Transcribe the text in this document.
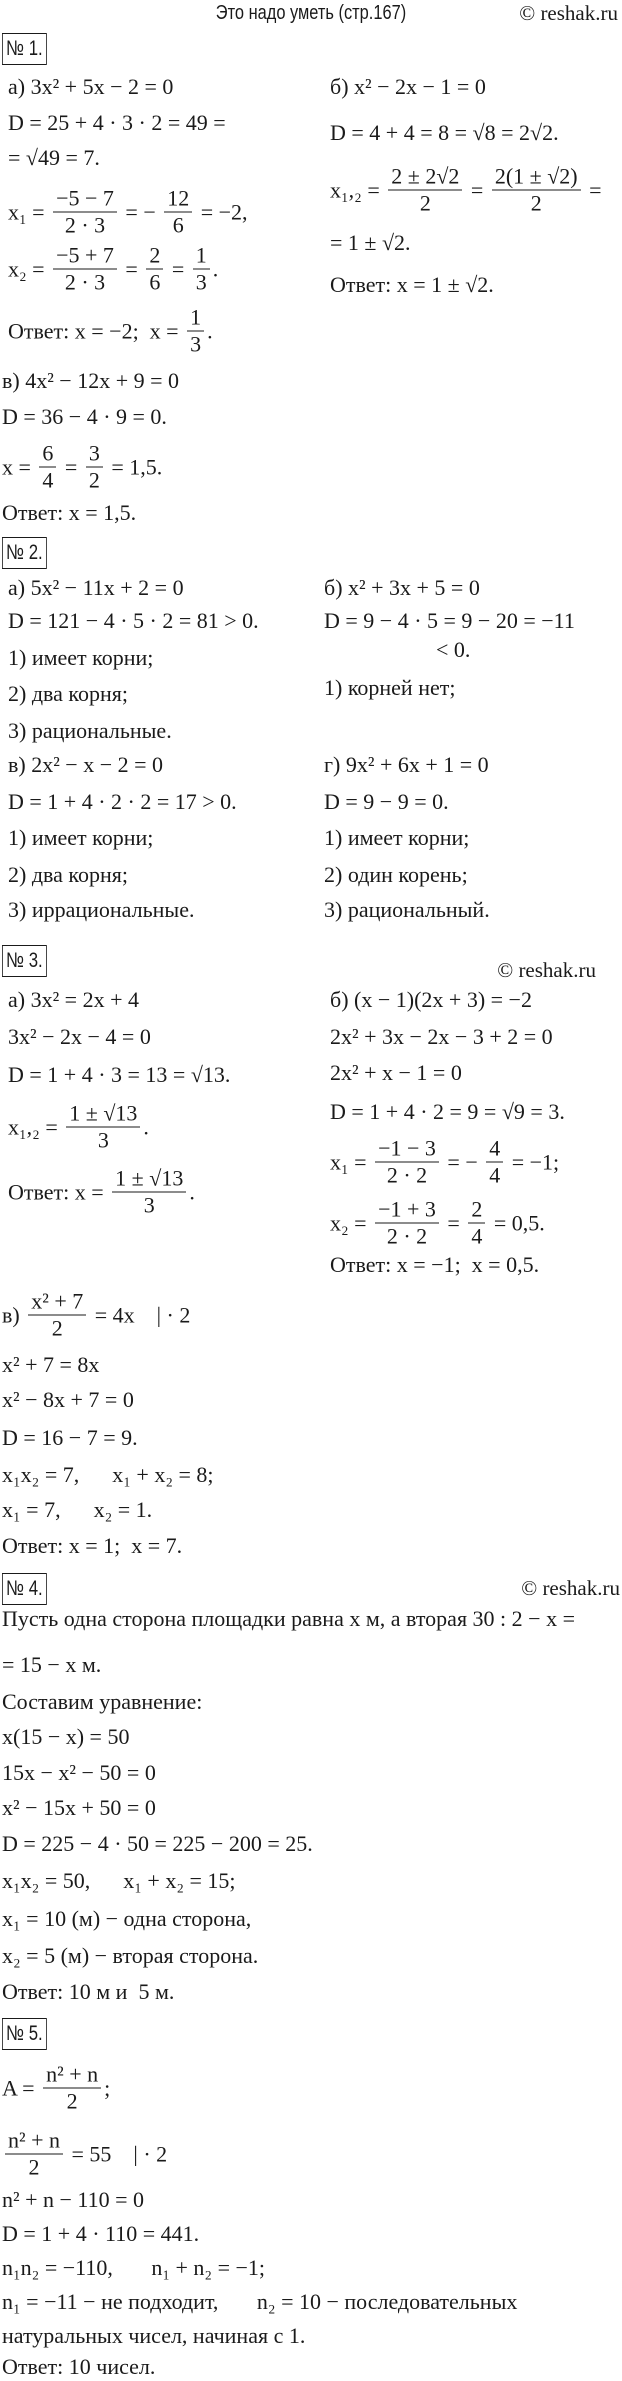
Это надо уметь (стр.167)	© reshak.ru
№ 1.
№ 2.
№ 3.
№ 4.
№ 5.
© reshak.ru
© reshak.ru
а) 3x² + 5x − 2 = 0
D = 25 + 4 · 3 · 2 = 49 =
= √49 = 7.
$x_1 = \frac{-5 - 7}{2 \cdot 3}$ = − $\frac{12}{6} = -2$,
$x_2 = \frac{-5 + 7}{2 \cdot 3} = \frac{2}{6} = \frac{1}{3}$ .
Ответ: x = −2;  $x = \frac{1}{3}$ .
б) x² − 2x − 1 = 0
D = 4 + 4 = 8 = √8 = 2√2.
$x_1,_2 = \frac{2 \pm 2√2}{2} = \frac{2(1 \pm √2)}{2}$ =
= 1 ± √2.
Ответ: x = 1 ± √2.
в) 4x² − 12x + 9 = 0
D = 36 − 4 · 9 = 0.
$x = \frac{6}{4} = \frac{3}{2} = 1,5$.
Ответ: x = 1,5.
а) 5x² − 11x + 2 = 0
D = 121 − 4 · 5 · 2 = 81 > 0.
1) имеет корни;
2) два корня;
3) рациональные.
б) x² + 3x + 5 = 0
D = 9 − 4 · 5 = 9 − 20 = −11
< 0.
1) корней нет;
в) 2x² − x − 2 = 0
D = 1 + 4 · 2 · 2 = 17 > 0.
1) имеет корни;
2) два корня;
3) иррациональные.
г) 9x² + 6x + 1 = 0
D = 9 − 9 = 0.
1) имеет корни;
2) один корень;
3) рациональный.
а) 3x² = 2x + 4
3x² − 2x − 4 = 0
D = 1 + 4 · 3 = 13 = √13.
$x_1,_2 = \frac{1 \pm √13}{3}$ .
Ответ: $x = \frac{1 \pm √13}{3}$ .
б) (x − 1)(2x + 3) = −2
2x² + 3x − 2x − 3 + 2 = 0
2x² + x − 1 = 0
D = 1 + 4 · 2 = 9 = √9 = 3.
$x_1 = \frac{-1 - 3}{2 \cdot 2}$ = − $\frac{4}{4} = -1$;
$x_2 = \frac{-1 + 3}{2 \cdot 2} = \frac{2}{4} = 0,5$.
Ответ: x = −1;  x = 0,5.
$в) \frac{\text{x² + 7}}{2} = 4x$    | · 2
x² + 7 = 8x
x² − 8x + 7 = 0
D = 16 − 7 = 9.
x₁x₂ = 7,      x₁ + x₂ = 8;
x₁ = 7,      x₂ = 1.
Ответ: x = 1;  x = 7.
Пусть одна сторона площадки равна x м, а вторая 30 : 2 − x =
= 15 − x м.
Составим уравнение:
x(15 − x) = 50
15x − x² − 50 = 0
x² − 15x + 50 = 0
D = 225 − 4 · 50 = 225 − 200 = 25.
x₁x₂ = 50,      x₁ + x₂ = 15;
x₁ = 10 (м) − одна сторона,
x₂ = 5 (м) − вторая сторона.
Ответ: 10 м и  5 м.
$A = \frac{\text{n² + n}}{2}$ ;
$\frac{\text{n² + n}}{2} = 55$    | · 2
n² + n − 110 = 0
D = 1 + 4 · 110 = 441.
n₁n₂ = −110,       n₁ + n₂ = −1;
n₁ = −11 − не подходит,       n₂ = 10 − последовательных
натуральных чисел, начиная с 1.
Ответ: 10 чисел.
